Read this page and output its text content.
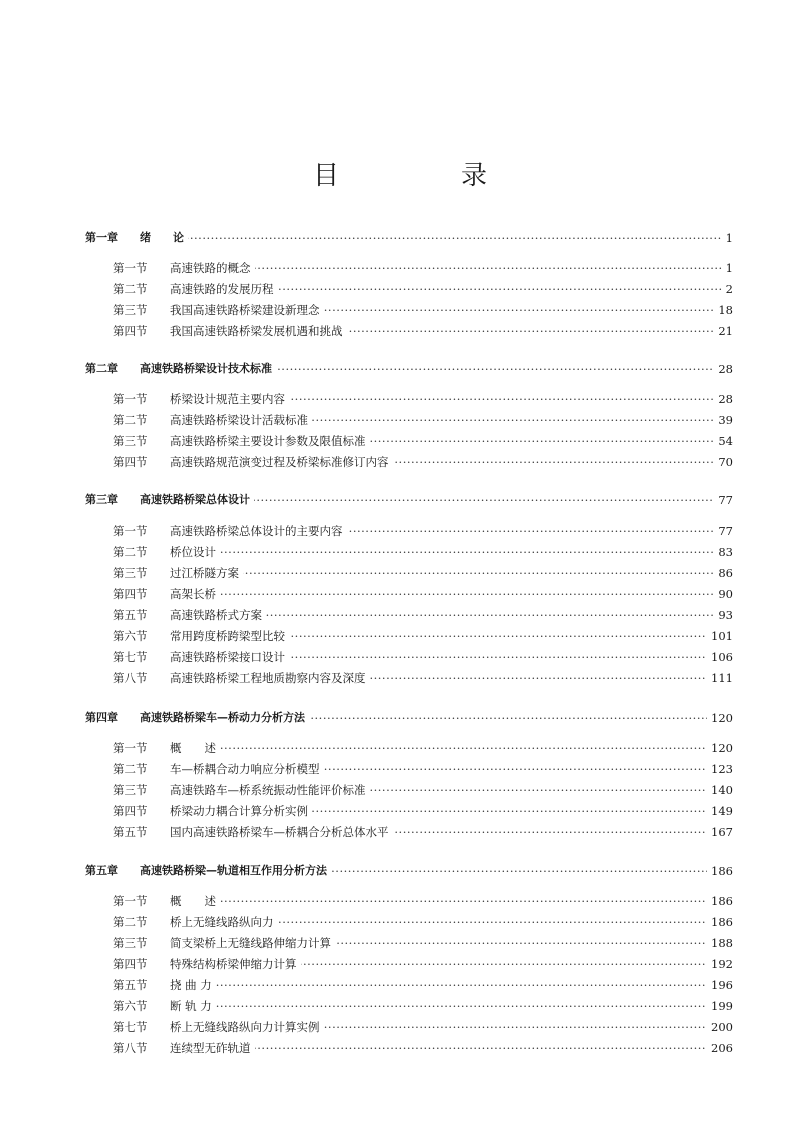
目　录
·····
第一章 绪　　论	1
·····
第一节 高速铁路的概念	1
·····
第二节 高速铁路的发展历程	2
·····
第三节 我国高速铁路桥梁建设新理念	18
·····
第四节 我国高速铁路桥梁发展机遇和挑战	21
·····
第二章 高速铁路桥梁设计技术标准	28
·····
第一节 桥梁设计规范主要内容	28
·····
第二节 高速铁路桥梁设计活载标准	39
·····
第三节 高速铁路桥梁主要设计参数及限值标准	54
·····
第四节 高速铁路规范演变过程及桥梁标准修订内容	70
·····
第三章 高速铁路桥梁总体设计	77
·····
第一节 高速铁路桥梁总体设计的主要内容	77
·····
第二节 桥位设计	83
·····
第三节 过江桥隧方案	86
·····
第四节 高架长桥	90
·····
第五节 高速铁路桥式方案	93
·····
第六节 常用跨度桥跨梁型比较	101
·····
第七节 高速铁路桥梁接口设计	106
·····
第八节 高速铁路桥梁工程地质勘察内容及深度	111
·····
第四章 高速铁路桥梁车—桥动力分析方法	120
·····
第一节 概　　述	120
·····
第二节 车—桥耦合动力响应分析模型	123
·····
第三节 高速铁路车—桥系统振动性能评价标准	140
·····
第四节 桥梁动力耦合计算分析实例	149
·····
第五节 国内高速铁路桥梁车—桥耦合分析总体水平	167
·····
第五章 高速铁路桥梁—轨道相互作用分析方法	186
·····
第一节 概　　述	186
·····
第二节 桥上无缝线路纵向力	186
·····
第三节 简支梁桥上无缝线路伸缩力计算	188
·····
第四节 特殊结构桥梁伸缩力计算	192
·····
第五节 挠 曲 力	196
·····
第六节 断 轨 力	199
·····
第七节 桥上无缝线路纵向力计算实例	200
·····
第八节 连续型无砟轨道	206
